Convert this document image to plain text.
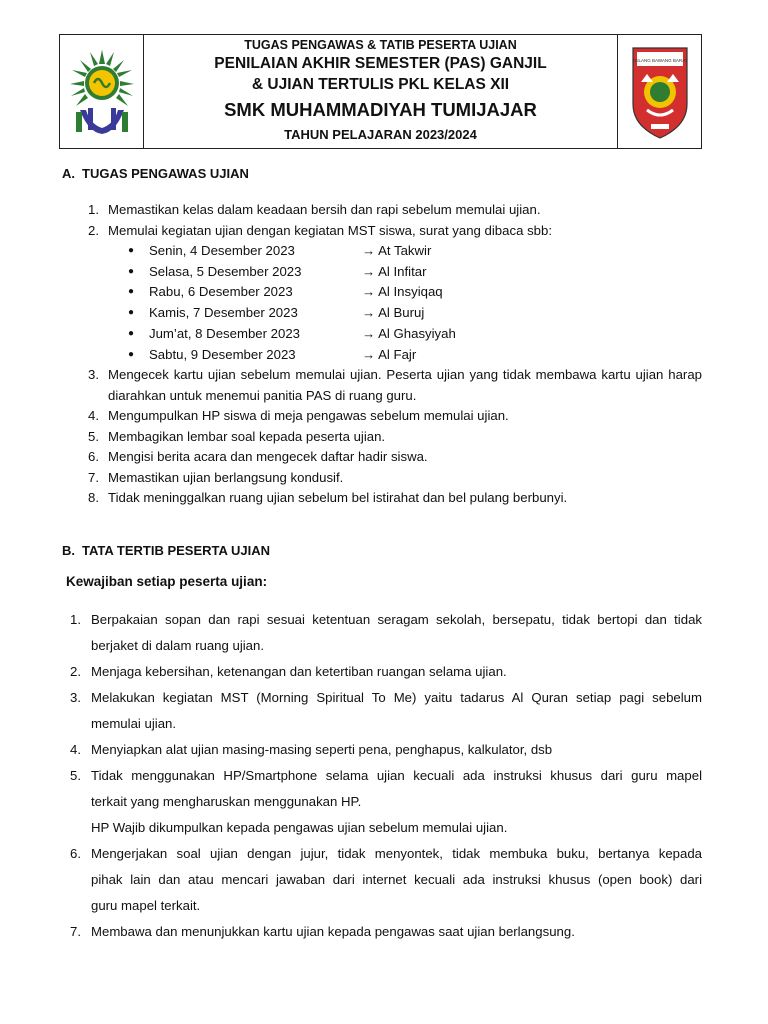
TUGAS PENGAWAS & TATIB PESERTA UJIAN
PENILAIAN AKHIR SEMESTER (PAS) GANJIL
& UJIAN TERTULIS PKL KELAS XII
SMK MUHAMMADIYAH TUMIJAJAR
TAHUN PELAJARAN 2023/2024
TULANG BAWANG BARAT
A. TUGAS PENGAWAS UJIAN
1. Memastikan kelas dalam keadaan bersih dan rapi sebelum memulai ujian.
2. Memulai kegiatan ujian dengan kegiatan MST siswa, surat yang dibaca sbb:
●	Senin, 4 Desember 2023	→ At Takwir
●	Selasa, 5 Desember 2023	→ Al Infitar
●	Rabu, 6 Desember 2023	→ Al Insyiqaq
●	Kamis, 7 Desember 2023	→ Al Buruj
●	Jum’at, 8 Desember 2023	→ Al Ghasyiyah
●	Sabtu, 9 Desember 2023	→ Al Fajr
3. Mengecek kartu ujian sebelum memulai ujian. Peserta ujian yang tidak membawa kartu ujian harap diarahkan untuk menemui panitia PAS di ruang guru.
4. Mengumpulkan HP siswa di meja pengawas sebelum memulai ujian.
5. Membagikan lembar soal kepada peserta ujian.
6. Mengisi berita acara dan mengecek daftar hadir siswa.
7. Memastikan ujian berlangsung kondusif.
8. Tidak meninggalkan ruang ujian sebelum bel istirahat dan bel pulang berbunyi.
B. TATA TERTIB PESERTA UJIAN
Kewajiban setiap peserta ujian:
1. Berpakaian sopan dan rapi sesuai ketentuan seragam sekolah, bersepatu, tidak bertopi dan tidak
berjaket di dalam ruang ujian.
2. Menjaga kebersihan, ketenangan dan ketertiban ruangan selama ujian.
3. Melakukan kegiatan MST (Morning Spiritual To Me) yaitu tadarus Al Quran setiap pagi sebelum
memulai ujian.
4. Menyiapkan alat ujian masing-masing seperti pena, penghapus, kalkulator, dsb
5. Tidak menggunakan HP/Smartphone selama ujian kecuali ada instruksi khusus dari guru mapel
terkait yang mengharuskan menggunakan HP.
HP Wajib dikumpulkan kepada pengawas ujian sebelum memulai ujian.
6. Mengerjakan soal ujian dengan jujur, tidak menyontek, tidak membuka buku, bertanya kepada
pihak lain dan atau mencari jawaban dari internet kecuali ada instruksi khusus (open book) dari
guru mapel terkait.
7. Membawa dan menunjukkan kartu ujian kepada pengawas saat ujian berlangsung.
